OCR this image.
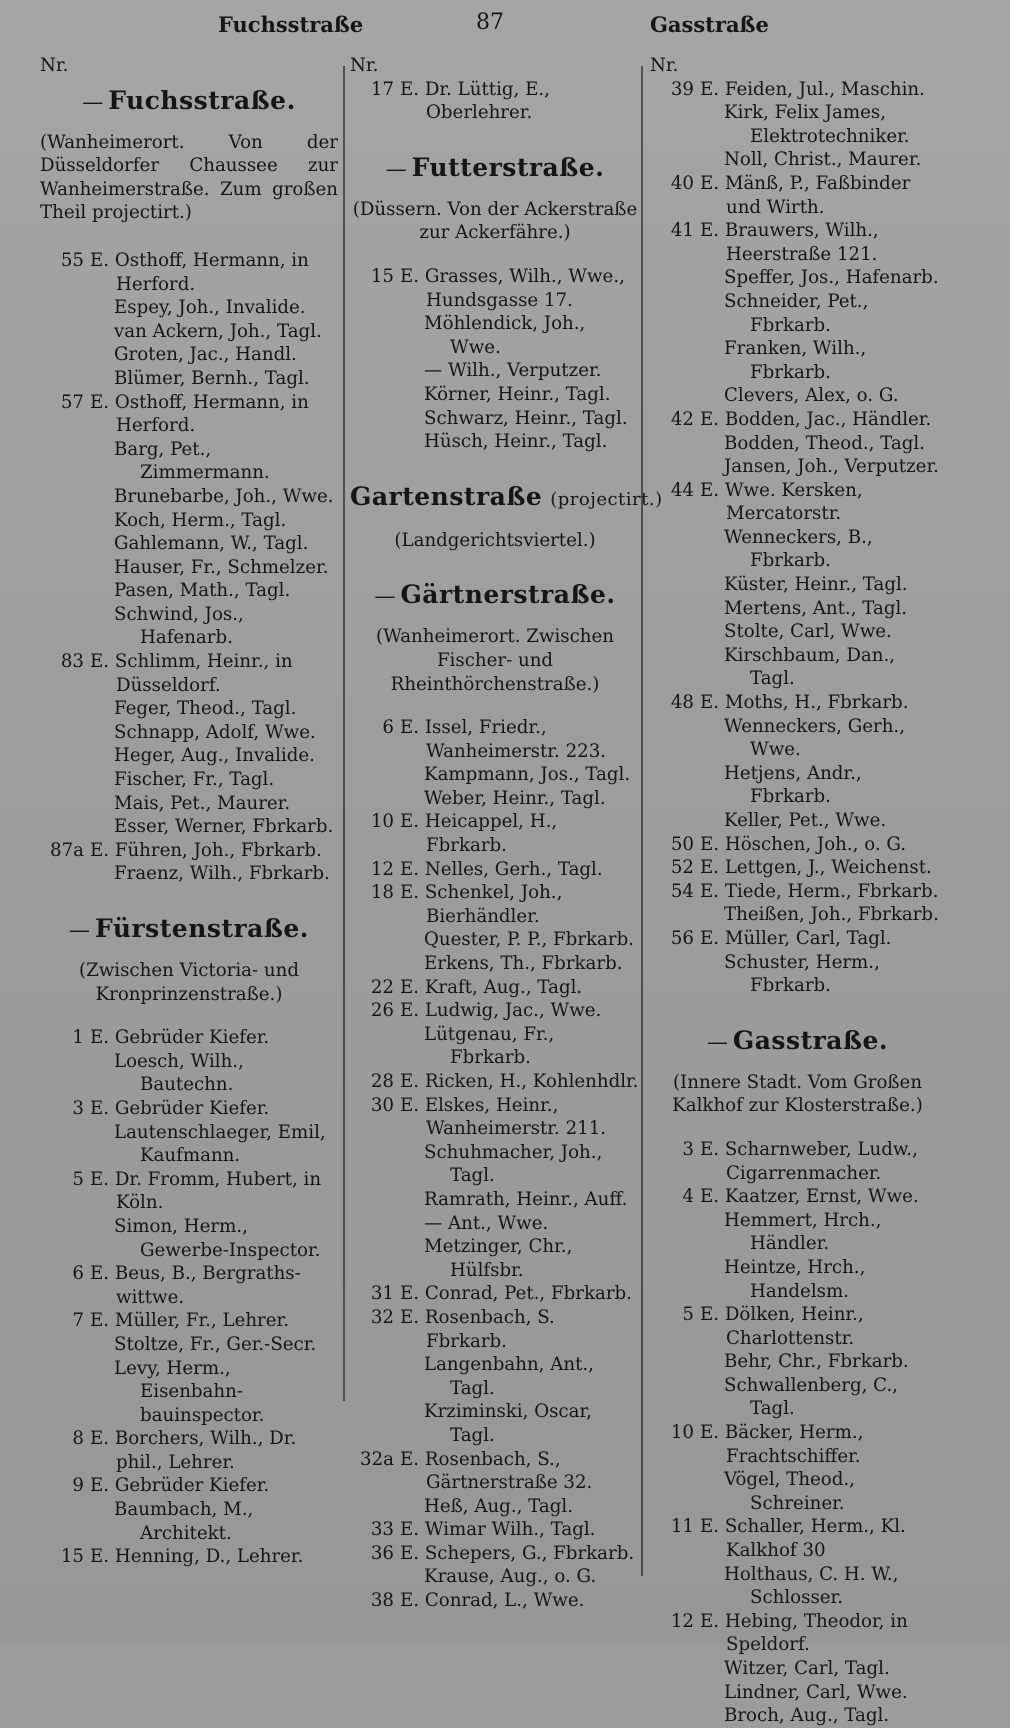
Fuchsstraße	87	Gasstraße
Nr.
— Fuchsstraße.
(Wanheimerort. Von der Düsseldorfer Chaussee zur Wanheimerstraße. Zum großen Theil projectirt.)
55 E. Osthoff, Hermann, in Herford.
Espey, Joh., Invalide.
van Ackern, Joh., Tagl.
Groten, Jac., Handl.
Blümer, Bernh., Tagl.
57 E. Osthoff, Hermann, in Herford.
Barg, Pet., Zimmermann.
Brunebarbe, Joh., Wwe.
Koch, Herm., Tagl.
Gahlemann, W., Tagl.
Hauser, Fr., Schmelzer.
Pasen, Math., Tagl.
Schwind, Jos., Hafenarb.
83 E. Schlimm, Heinr., in Düsseldorf.
Feger, Theod., Tagl.
Schnapp, Adolf, Wwe.
Heger, Aug., Invalide.
Fischer, Fr., Tagl.
Mais, Pet., Maurer.
Esser, Werner, Fbrkarb.
87a E. Führen, Joh., Fbrkarb.
Fraenz, Wilh., Fbrkarb.
— Fürstenstraße.
(Zwischen Victoria- und Kronprinzenstraße.)
1 E. Gebrüder Kiefer.
Loesch, Wilh., Bautechn.
3 E. Gebrüder Kiefer.
Lautenschlaeger, Emil, Kaufmann.
5 E. Dr. Fromm, Hubert, in Köln.
Simon, Herm., Gewerbe-Inspector.
6 E. Beus, B., Bergraths-wittwe.
7 E. Müller, Fr., Lehrer.
Stoltze, Fr., Ger.-Secr.
Levy, Herm., Eisenbahn-bauinspector.
8 E. Borchers, Wilh., Dr. phil., Lehrer.
9 E. Gebrüder Kiefer.
Baumbach, M., Architekt.
15 E. Henning, D., Lehrer.
Nr.
17 E. Dr. Lüttig, E., Oberlehrer.
— Futterstraße.
(Düssern. Von der Ackerstraße zur Ackerfähre.)
15 E. Grasses, Wilh., Wwe., Hundsgasse 17.
Möhlendick, Joh., Wwe.
— Wilh., Verputzer.
Körner, Heinr., Tagl.
Schwarz, Heinr., Tagl.
Hüsch, Heinr., Tagl.
Gartenstraße (projectirt.)
(Landgerichtsviertel.)
— Gärtnerstraße.
(Wanheimerort. Zwischen Fischer- und Rheinthörchenstraße.)
6 E. Issel, Friedr., Wanheimerstr. 223.
Kampmann, Jos., Tagl.
Weber, Heinr., Tagl.
10 E. Heicappel, H., Fbrkarb.
12 E. Nelles, Gerh., Tagl.
18 E. Schenkel, Joh., Bierhändler.
Quester, P. P., Fbrkarb.
Erkens, Th., Fbrkarb.
22 E. Kraft, Aug., Tagl.
26 E. Ludwig, Jac., Wwe.
Lütgenau, Fr., Fbrkarb.
28 E. Ricken, H., Kohlenhdlr.
30 E. Elskes, Heinr., Wanheimerstr. 211.
Schuhmacher, Joh., Tagl.
Ramrath, Heinr., Auff.
— Ant., Wwe.
Metzinger, Chr., Hülfsbr.
31 E. Conrad, Pet., Fbrkarb.
32 E. Rosenbach, S. Fbrkarb.
Langenbahn, Ant., Tagl.
Krziminski, Oscar, Tagl.
32a E. Rosenbach, S., Gärtnerstraße 32.
Heß, Aug., Tagl.
33 E. Wimar Wilh., Tagl.
36 E. Schepers, G., Fbrkarb.
Krause, Aug., o. G.
38 E. Conrad, L., Wwe.
Nr.
39 E. Feiden, Jul., Maschin.
Kirk, Felix James, Elektrotechniker.
Noll, Christ., Maurer.
40 E. Mänß, P., Faßbinder und Wirth.
41 E. Brauwers, Wilh., Heerstraße 121.
Speffer, Jos., Hafenarb.
Schneider, Pet., Fbrkarb.
Franken, Wilh., Fbrkarb.
Clevers, Alex, o. G.
42 E. Bodden, Jac., Händler.
Bodden, Theod., Tagl.
Jansen, Joh., Verputzer.
44 E. Wwe. Kersken, Mercatorstr.
Wenneckers, B., Fbrkarb.
Küster, Heinr., Tagl.
Mertens, Ant., Tagl.
Stolte, Carl, Wwe.
Kirschbaum, Dan., Tagl.
48 E. Moths, H., Fbrkarb.
Wenneckers, Gerh., Wwe.
Hetjens, Andr., Fbrkarb.
Keller, Pet., Wwe.
50 E. Höschen, Joh., o. G.
52 E. Lettgen, J., Weichenst.
54 E. Tiede, Herm., Fbrkarb.
Theißen, Joh., Fbrkarb.
56 E. Müller, Carl, Tagl.
Schuster, Herm., Fbrkarb.
— Gasstraße.
(Innere Stadt. Vom Großen Kalkhof zur Klosterstraße.)
3 E. Scharnweber, Ludw., Cigarrenmacher.
4 E. Kaatzer, Ernst, Wwe.
Hemmert, Hrch., Händler.
Heintze, Hrch., Handelsm.
5 E. Dölken, Heinr., Charlottenstr.
Behr, Chr., Fbrkarb.
Schwallenberg, C., Tagl.
10 E. Bäcker, Herm., Frachtschiffer.
Vögel, Theod., Schreiner.
11 E. Schaller, Herm., Kl. Kalkhof 30
Holthaus, C. H. W., Schlosser.
12 E. Hebing, Theodor, in Speldorf.
Witzer, Carl, Tagl.
Lindner, Carl, Wwe.
Broch, Aug., Tagl.
